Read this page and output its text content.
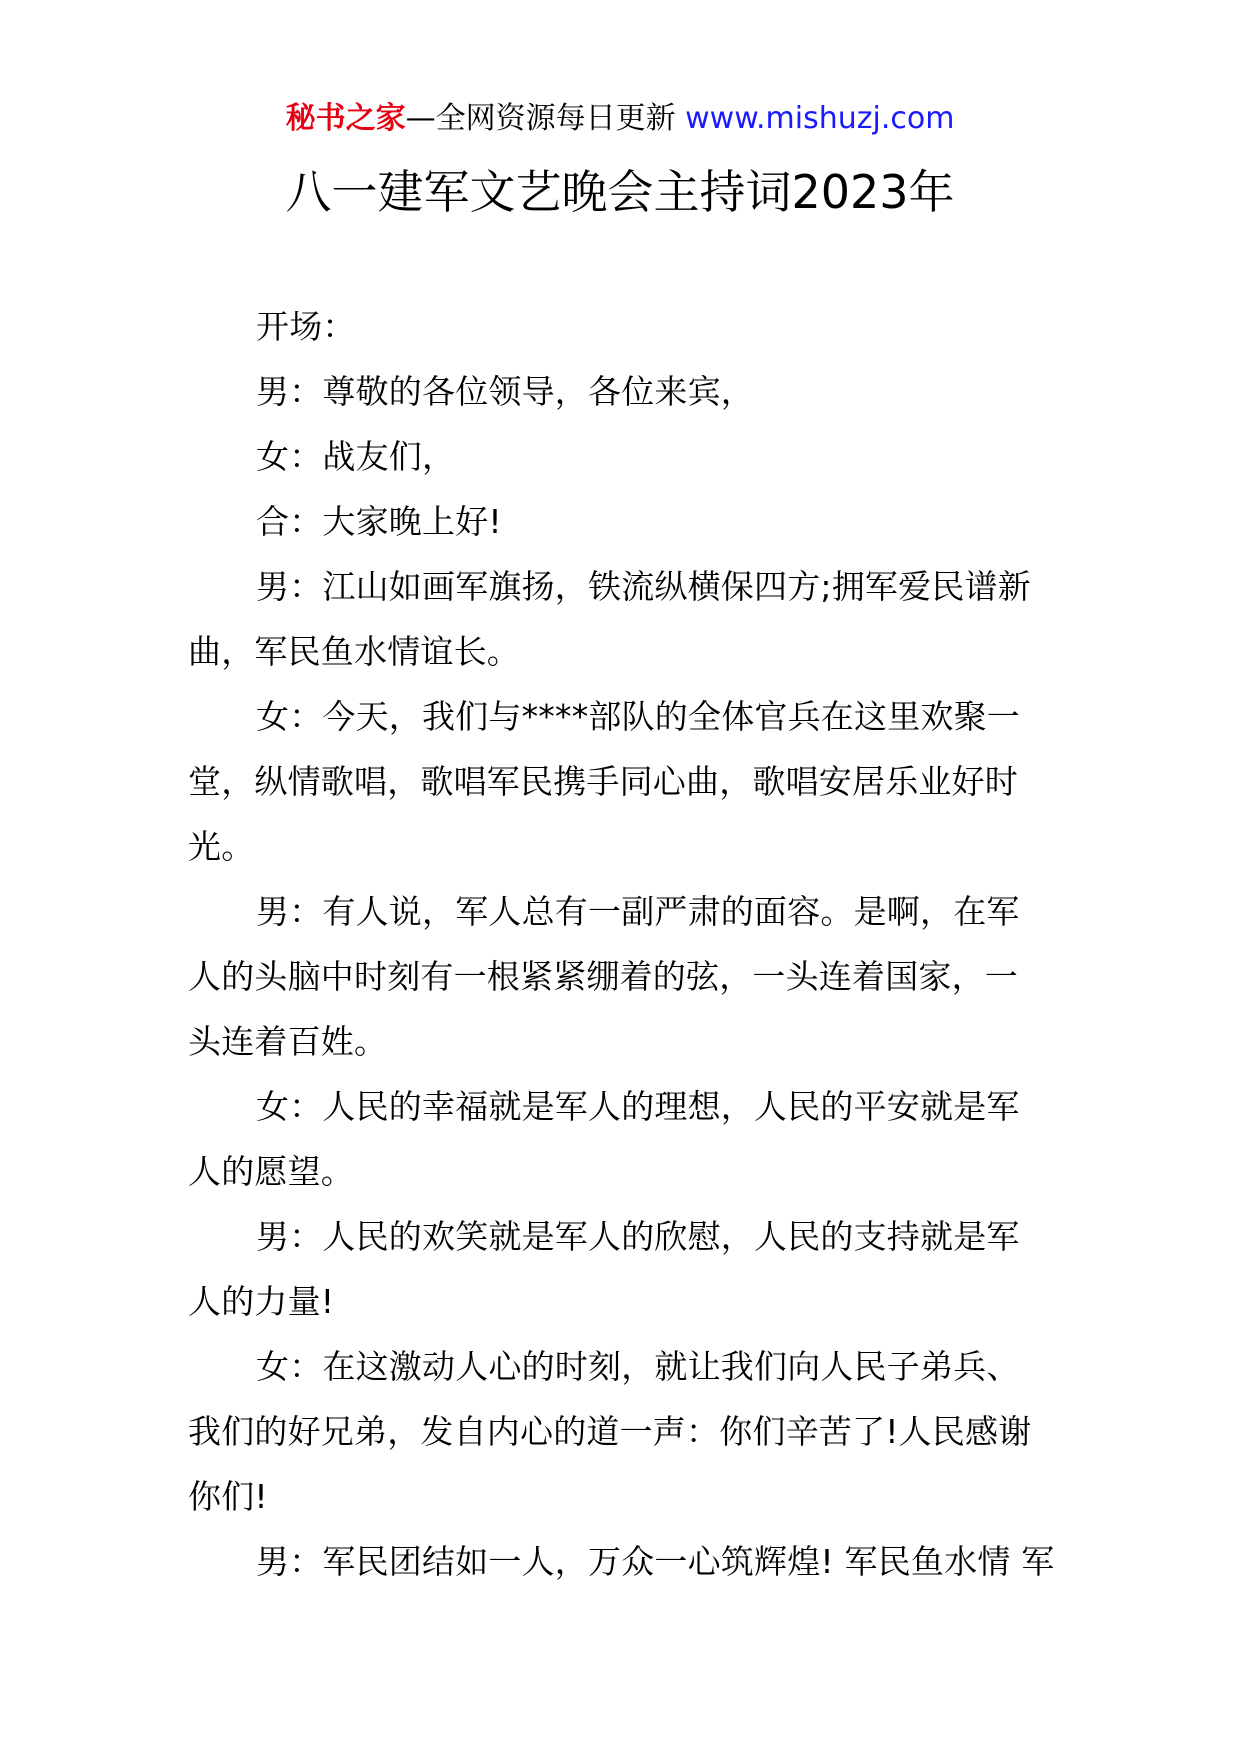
秘书之家—全网资源每日更新 www.mishuzj.com
八一建军文艺晚会主持词2023年

开场：

男：尊敬的各位领导，各位来宾，

女：战友们，

合：大家晚上好!

男：江山如画军旗扬，铁流纵横保四方;拥军爱民谱新
曲，军民鱼水情谊长。

女：今天，我们与****部队的全体官兵在这里欢聚一
堂，纵情歌唱，歌唱军民携手同心曲，歌唱安居乐业好时
光。

男：有人说，军人总有一副严肃的面容。是啊，在军
人的头脑中时刻有一根紧紧绷着的弦，一头连着国家，一
头连着百姓。

女：人民的幸福就是军人的理想，人民的平安就是军
人的愿望。

男：人民的欢笑就是军人的欣慰，人民的支持就是军
人的力量!

女：在这激动人心的时刻，就让我们向人民子弟兵、
我们的好兄弟，发自内心的道一声：你们辛苦了!人民感谢
你们!

男：军民团结如一人，万众一心筑辉煌! 军民鱼水情 军
